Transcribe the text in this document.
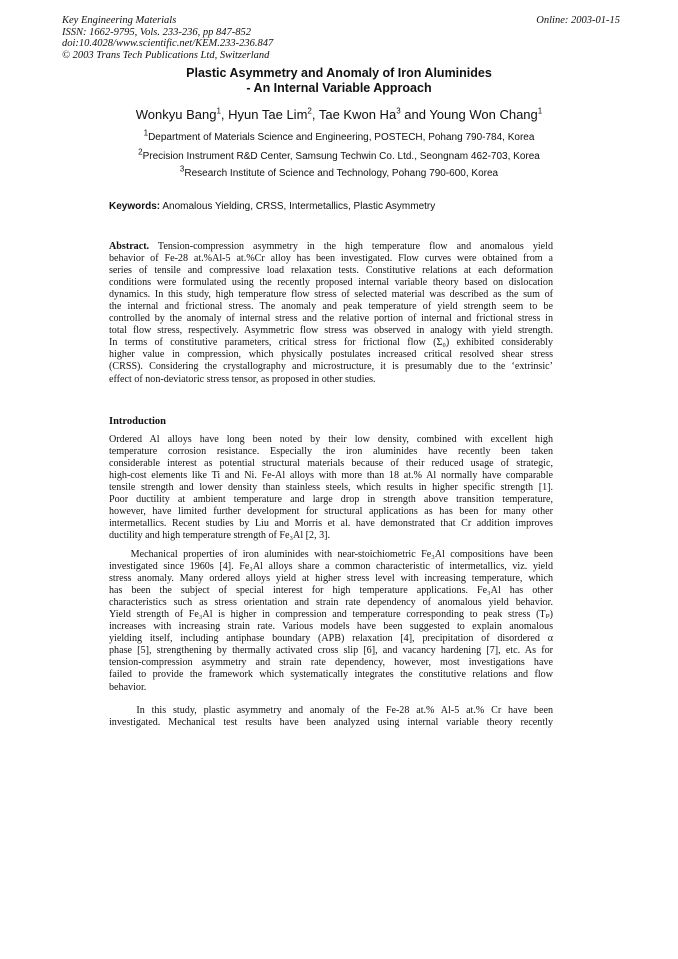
Key Engineering Materials
ISSN: 1662-9795, Vols. 233-236, pp 847-852
doi:10.4028/www.scientific.net/KEM.233-236.847
© 2003 Trans Tech Publications Ltd, Switzerland
Online: 2003-01-15
Plastic Asymmetry and Anomaly of Iron Aluminides
- An Internal Variable Approach
Wonkyu Bang$^1$, Hyun Tae Lim$^2$, Tae Kwon Ha$^3$ and Young Won Chang$^1$
$^1$Department of Materials Science and Engineering, POSTECH, Pohang 790-784, Korea
$^2$Precision Instrument R&D Center, Samsung Techwin Co. Ltd., Seongnam 462-703, Korea
$^3$Research Institute of Science and Technology, Pohang 790-600, Korea
Keywords: Anomalous Yielding, CRSS, Intermetallics, Plastic Asymmetry
Abstract. Tension-compression asymmetry in the high temperature flow and anomalous yield
behavior of Fe-28 at.%Al-5 at.%Cr alloy has been investigated. Flow curves were obtained from a
series of tensile and compressive load relaxation tests. Constitutive relations at each deformation
conditions were formulated using the recently proposed internal variable theory based on dislocation
dynamics. In this study, high temperature flow stress of selected material was described as the sum of
the internal and frictional stress. The anomaly and peak temperature of yield strength seem to be
controlled by the anomaly of internal stress and the relative portion of internal and frictional stress in
total flow stress, respectively. Asymmetric flow stress was observed in analogy with yield strength.
In terms of constitutive parameters, critical stress for frictional flow (Σ₀) exhibited considerably
higher value in compression, which physically postulates increased critical resolved shear stress
(CRSS). Considering the crystallography and microstructure, it is presumably due to the ‘extrinsic’
effect of non-deviatoric stress tensor, as proposed in other studies.
Introduction
Ordered Al alloys have long been noted by their low density, combined with excellent high
temperature corrosion resistance. Especially the iron aluminides have recently been taken
considerable interest as potential structural materials because of their reduced usage of strategic,
high-cost elements like Ti and Ni. Fe-Al alloys with more than 18 at.% Al normally have comparable
tensile strength and lower density than stainless steels, which results in higher specific strength [1].
Poor ductility at ambient temperature and large drop in strength above transition temperature,
however, have limited further development for structural applications as has been for many other
intermetallics. Recent studies by Liu and Morris et al. have demonstrated that Cr addition improves
ductility and high temperature strength of Fe₃Al [2, 3].
Mechanical properties of iron aluminides with near-stoichiometric Fe₃Al compositions have been
investigated since 1960s [4]. Fe₃Al alloys share a common characteristic of intermetallics, viz. yield
stress anomaly. Many ordered alloys yield at higher stress level with increasing temperature, which
has been the subject of special interest for high temperature applications. Fe₃Al has other
characteristics such as stress orientation and strain rate dependency of anomalous yield behavior.
Yield strength of Fe₃Al is higher in compression and temperature corresponding to peak stress (Tₚ)
increases with increasing strain rate. Various models have been suggested to explain anomalous
yielding itself, including antiphase boundary (APB) relaxation [4], precipitation of disordered α
phase [5], strengthening by thermally activated cross slip [6], and vacancy hardening [7], etc. As for
tension-compression asymmetry and strain rate dependency, however, most investigations have
failed to provide the framework which systematically integrates the constitutive relations and flow
behavior.
In this study, plastic asymmetry and anomaly of the Fe-28 at.% Al-5 at.% Cr have been
investigated. Mechanical test results have been analyzed using internal variable theory recently
